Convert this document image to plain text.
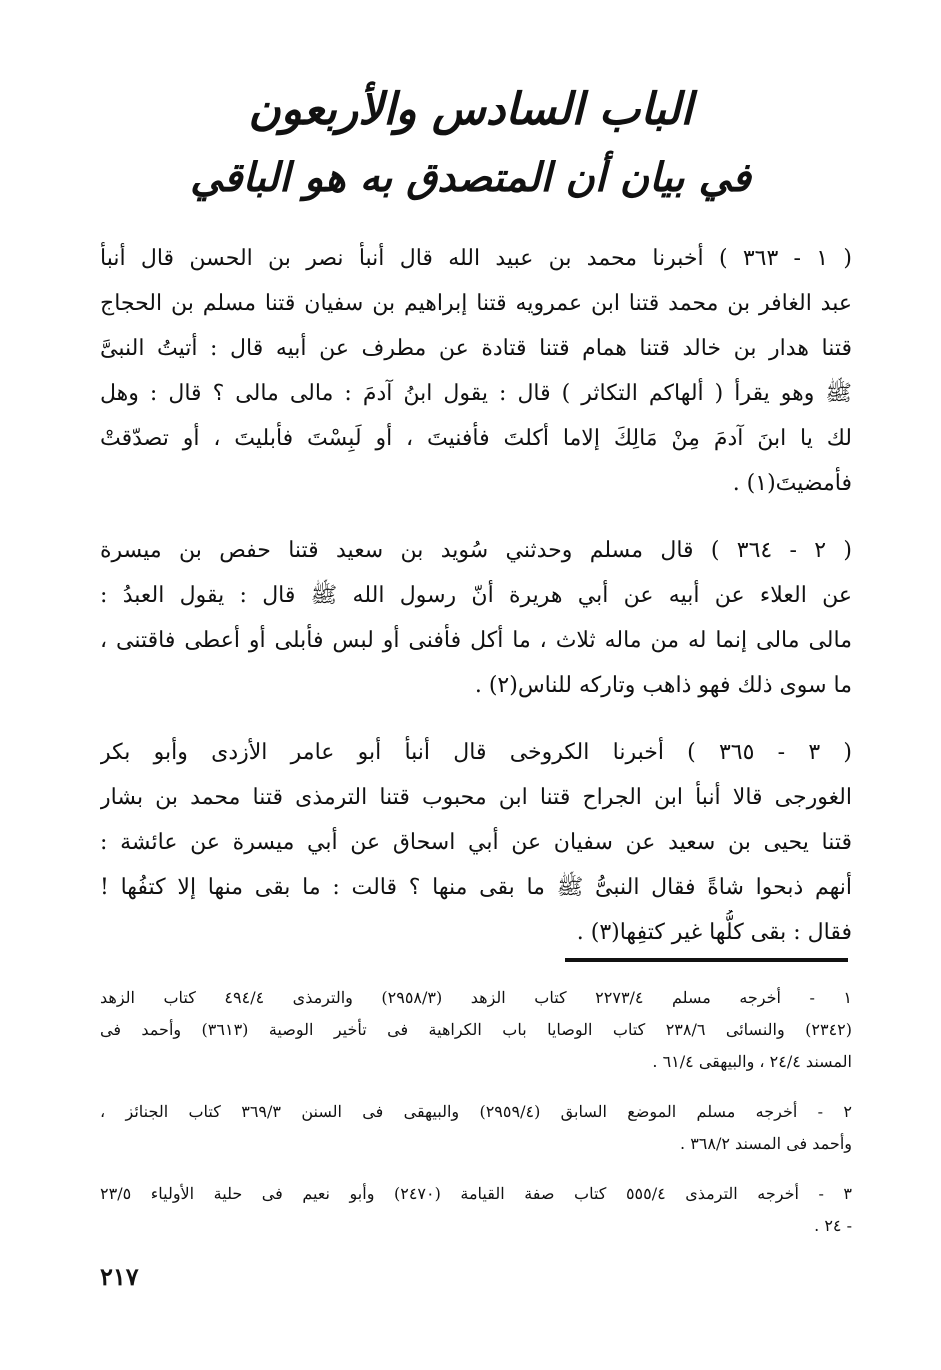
الباب السادس والأربعون
في بيان أن المتصدق به هو الباقي
( ١ - ٣٦٣ ) أخبرنا محمد بن عبيد الله قال أنبأ نصر بن الحسن قال أنبأ
عبد الغافر بن محمد قتنا ابن عمرويه قتنا إبراهيم بن سفيان قتنا مسلم بن الحجاج
قتنا هدار بن خالد قتنا همام قتنا قتادة عن مطرف عن أبيه قال : أتيتُ النبىَّ
ﷺ وهو يقرأ ( ألهاكم التكاثر ) قال : يقول ابنُ آدمَ : مالى مالى ؟ قال : وهل
لك يا ابنَ آدمَ مِنْ مَالِكَ إلاما أكلتَ فأفنيتَ ، أو لَبِسْتَ فأبليتَ ، أو تصدّقتْ
فأمضيتَ(١) .
( ٢ - ٣٦٤ ) قال مسلم وحدثني سُويد بن سعيد قتنا حفص بن ميسرة
عن العلاء عن أبيه عن أبي هريرة أنّ رسول الله ﷺ قال : يقول العبدُ :
مالى مالى إنما له من ماله ثلاث ، ما أكل فأفنى أو لبس فأبلى أو أعطى فاقتنى ،
ما سوى ذلك فهو ذاهب وتاركه للناس(٢) .
( ٣ - ٣٦٥ ) أخبرنا الكروخى قال أنبأ أبو عامر الأزدى وأبو بكر
الغورجى قالا أنبأ ابن الجراح قتنا ابن محبوب قتنا الترمذى قتنا محمد بن بشار
قتنا يحيى بن سعيد عن سفيان عن أبي اسحاق عن أبي ميسرة عن عائشة :
أنهم ذبحوا شاةً فقال النبىُّ ﷺ ما بقى منها ؟ قالت : ما بقى منها إلا كتفُها !
فقال : بقى كلُّها غير كتفِها(٣) .
١ - أخرجه مسلم ٢٢٧٣/٤ كتاب الزهد (٢٩٥٨/٣) والترمذى ٤٩٤/٤ كتاب الزهد
(٢٣٤٢) والنسائى ٢٣٨/٦ كتاب الوصايا باب الكراهية فى تأخير الوصية (٣٦١٣) وأحمد فى
المسند ٢٤/٤ ، والبيهقى ٦١/٤ .
٢ - أخرجه مسلم الموضع السابق (٢٩٥٩/٤) والبيهقى فى السنن ٣٦٩/٣ كتاب الجنائز ،
وأحمد فى المسند ٣٦٨/٢ .
٣ - أخرجه الترمذى ٥٥٥/٤ كتاب صفة القيامة (٢٤٧٠) وأبو نعيم فى حلية الأولياء ٢٣/٥
- ٢٤ .
٢١٧
